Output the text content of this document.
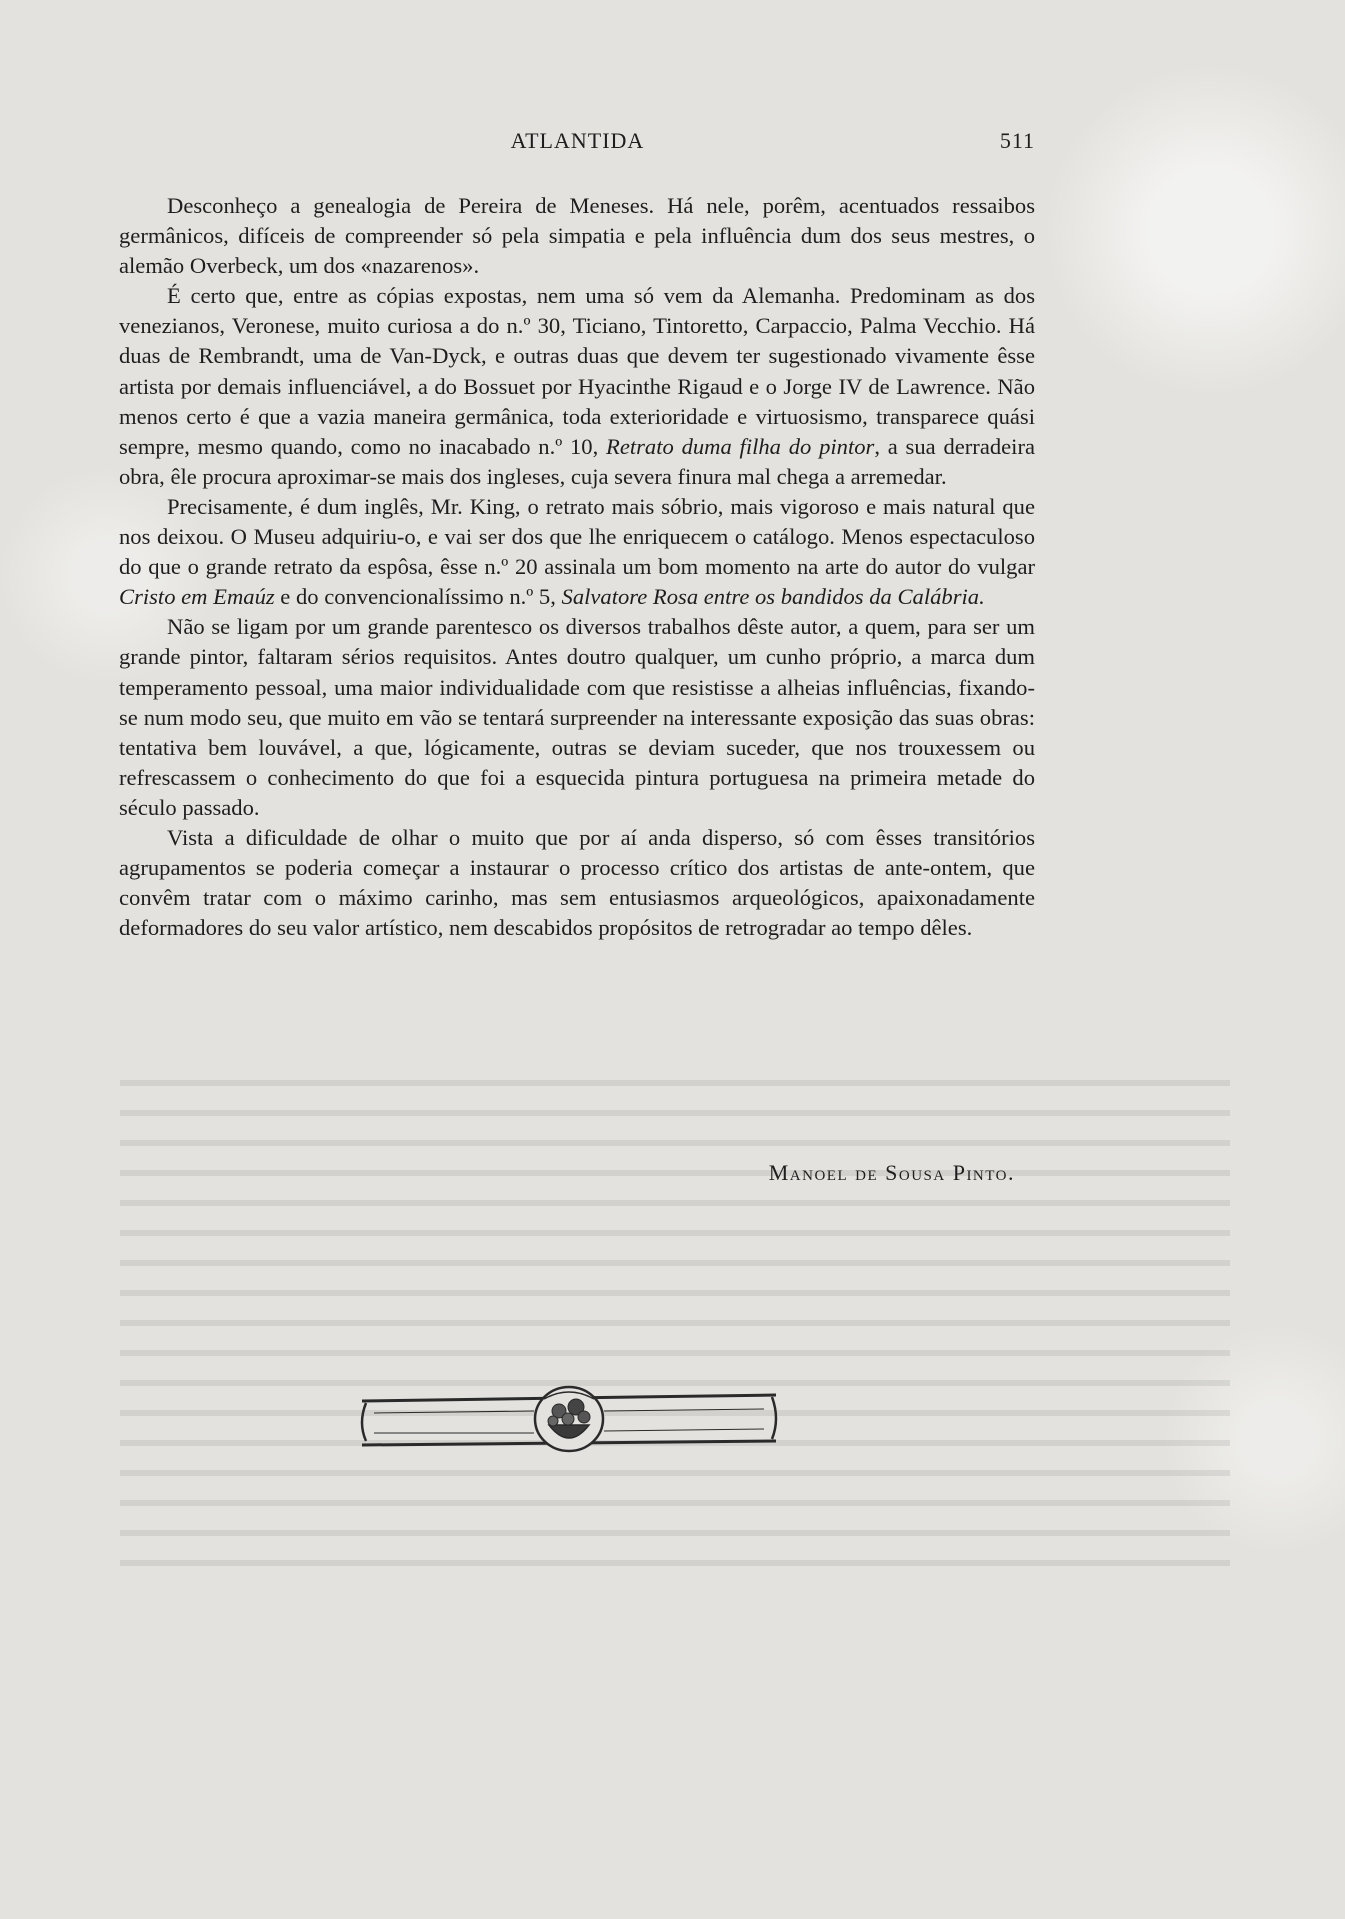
ATLANTIDA	511

Desconheço a genealogia de Pereira de Meneses. Há nele, porêm, acentuados ressaibos germânicos, difíceis de compreender só pela simpatia e pela influência dum dos seus mestres, o alemão Overbeck, um dos «nazarenos».

É certo que, entre as cópias expostas, nem uma só vem da Alemanha. Predominam as dos venezianos, Veronese, muito curiosa a do n.º 30, Ticiano, Tintoretto, Carpaccio, Palma Vecchio. Há duas de Rembrandt, uma de Van-Dyck, e outras duas que devem ter sugestionado vivamente êsse artista por demais influenciável, a do Bossuet por Hyacinthe Rigaud e o Jorge IV de Lawrence. Não menos certo é que a vazia maneira germânica, toda exterioridade e virtuosismo, transparece quási sempre, mesmo quando, como no inacabado n.º 10, Retrato duma filha do pintor, a sua derradeira obra, êle procura aproximar-se mais dos ingleses, cuja severa finura mal chega a arremedar.

Precisamente, é dum inglês, Mr. King, o retrato mais sóbrio, mais vigoroso e mais natural que nos deixou. O Museu adquiriu-o, e vai ser dos que lhe enriquecem o catálogo. Menos espectaculoso do que o grande retrato da espôsa, êsse n.º 20 assinala um bom momento na arte do autor do vulgar Cristo em Emaúz e do convencionalíssimo n.º 5, Salvatore Rosa entre os bandidos da Calábria.

Não se ligam por um grande parentesco os diversos trabalhos dêste autor, a quem, para ser um grande pintor, faltaram sérios requisitos. Antes doutro qualquer, um cunho próprio, a marca dum temperamento pessoal, uma maior individualidade com que resistisse a alheias influências, fixando-se num modo seu, que muito em vão se tentará surpreender na interessante exposição das suas obras: tentativa bem louvável, a que, lógicamente, outras se deviam suceder, que nos trouxessem ou refrescassem o conhecimento do que foi a esquecida pintura portuguesa na primeira metade do século passado.

Vista a dificuldade de olhar o muito que por aí anda disperso, só com êsses transitórios agrupamentos se poderia começar a instaurar o processo crítico dos artistas de ante-ontem, que convêm tratar com o máximo carinho, mas sem entusiasmos arqueológicos, apaixonadamente deformadores do seu valor artístico, nem descabidos propósitos de retrogradar ao tempo dêles.

Manoel de Sousa Pinto.
